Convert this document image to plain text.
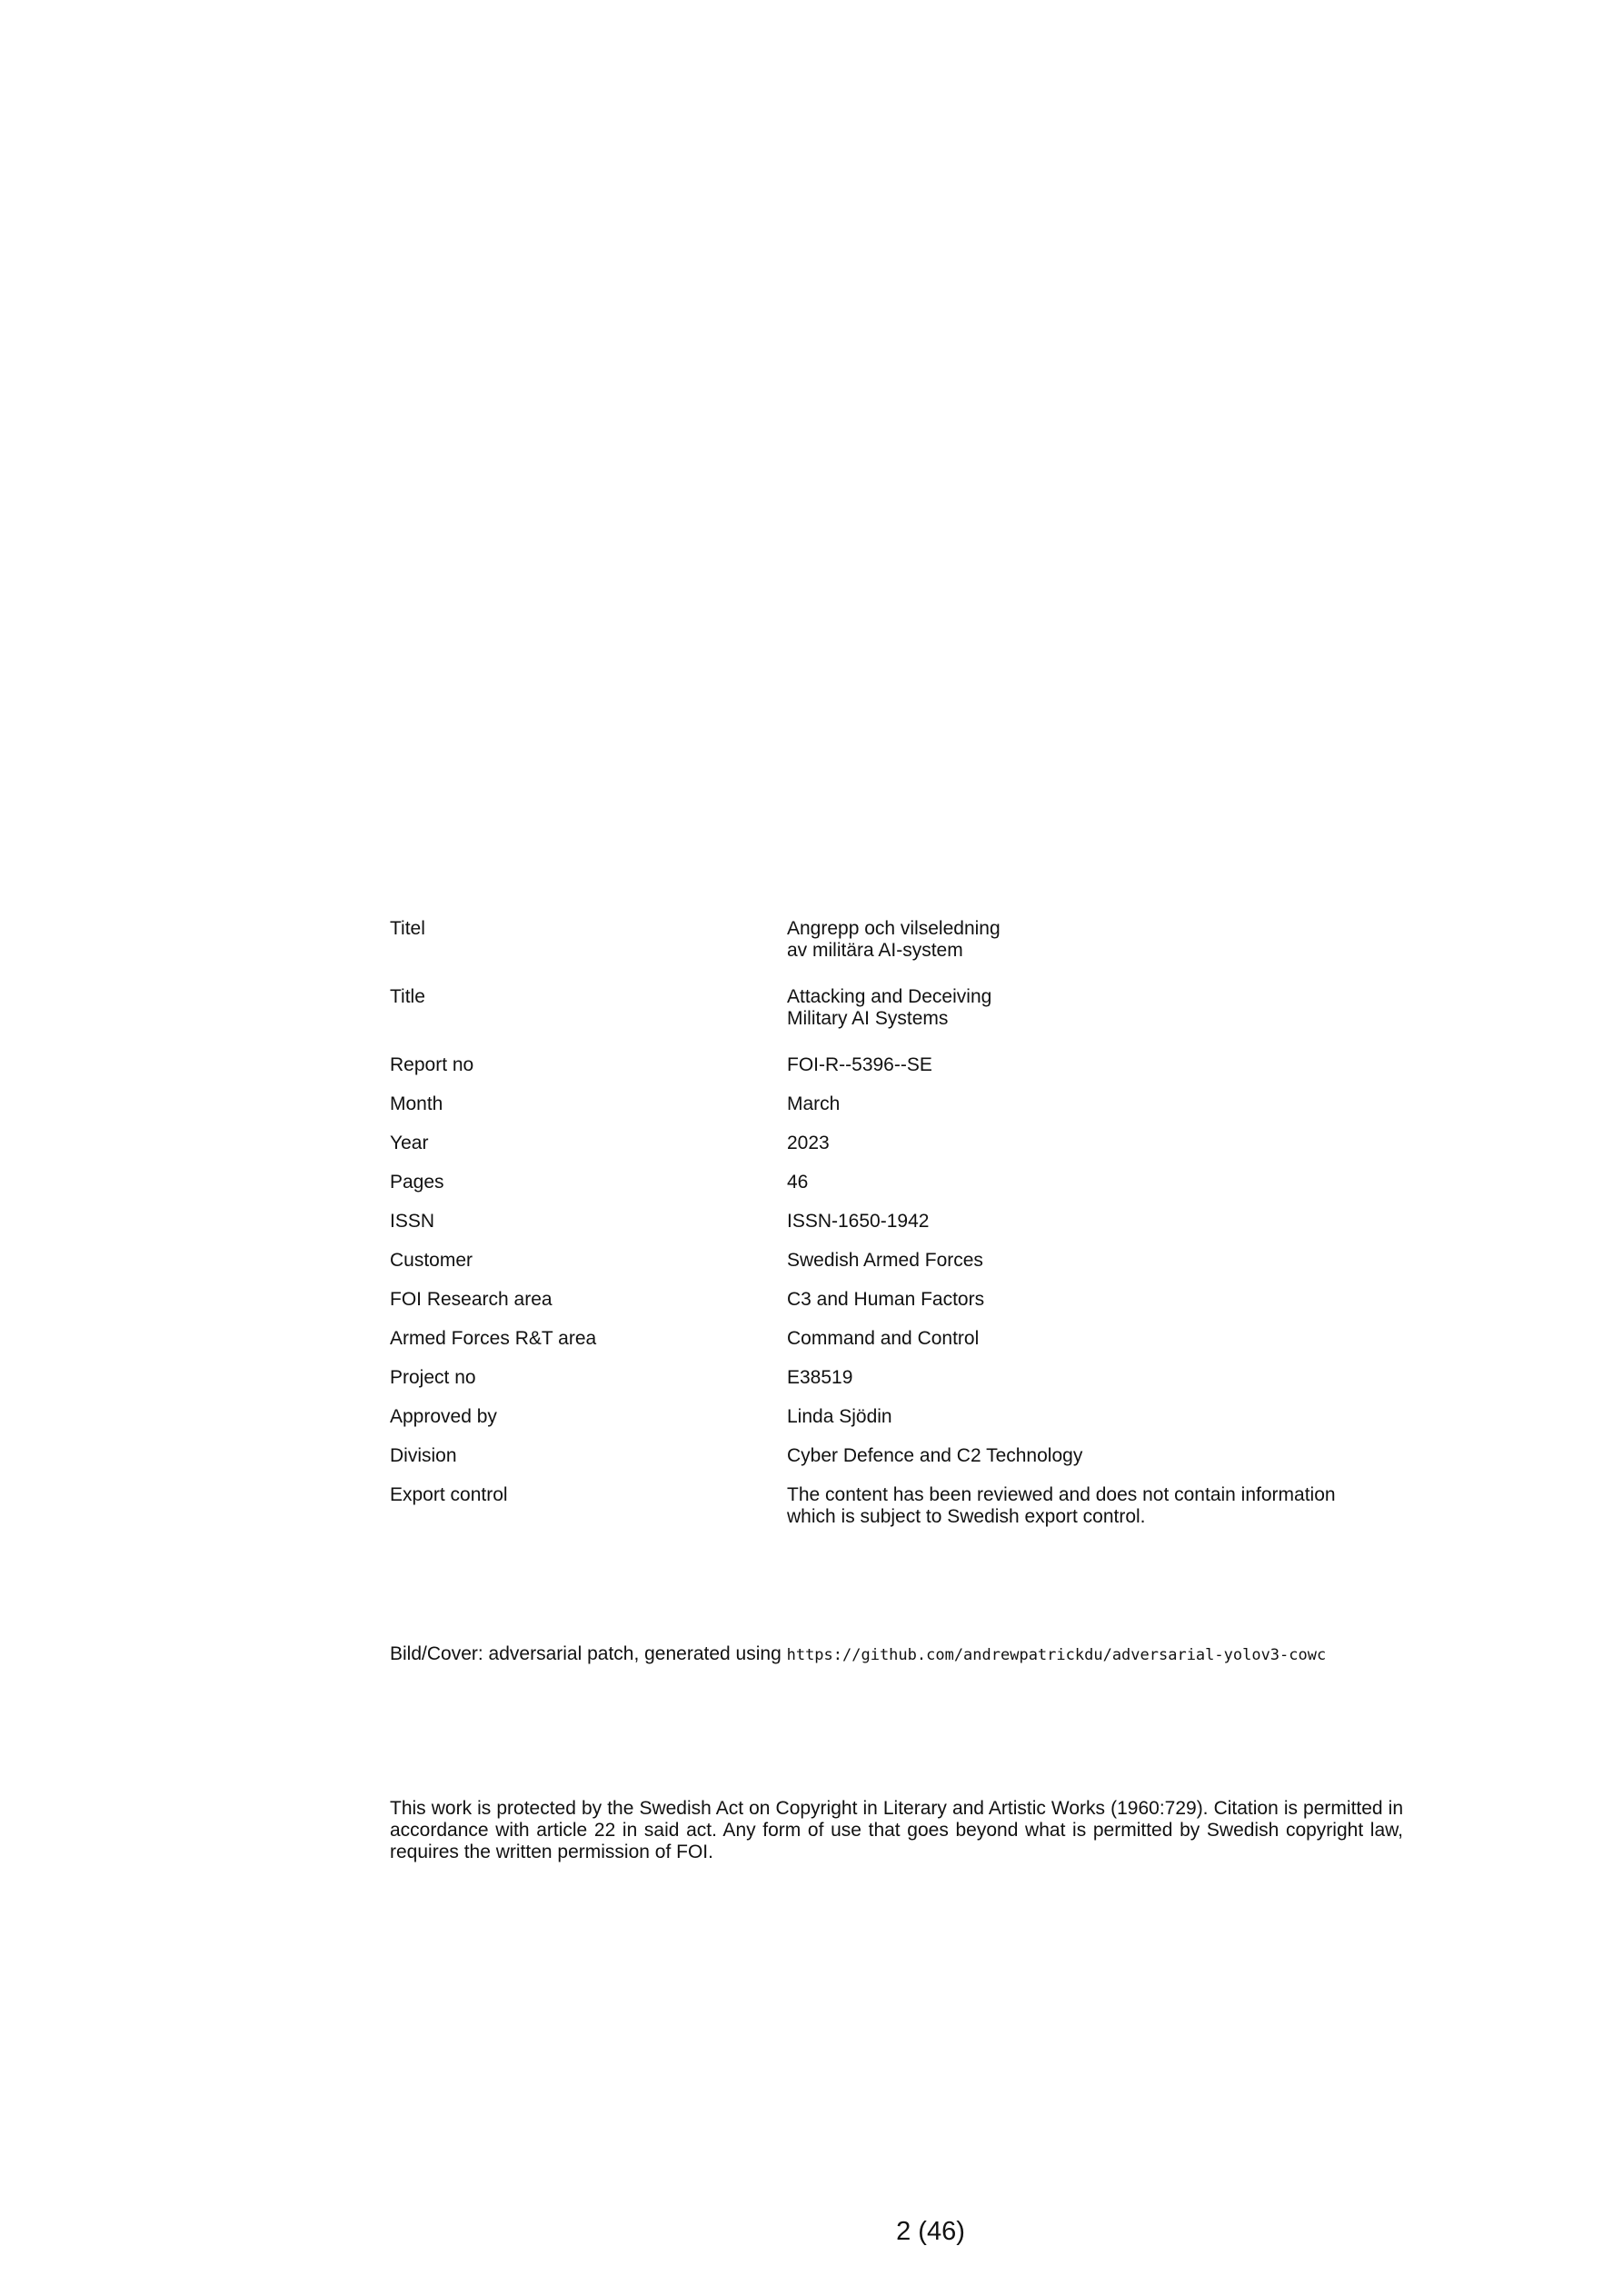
Titel	Angrepp och vilseledning
av militära AI-system
Title	Attacking and Deceiving
Military AI Systems
Report no	FOI-R--5396--SE
Month	March
Year	2023
Pages	46
ISSN	ISSN-1650-1942
Customer	Swedish Armed Forces
FOI Research area	C3 and Human Factors
Armed Forces R&T area	Command and Control
Project no	E38519
Approved by	Linda Sjödin
Division	Cyber Defence and C2 Technology
Export control	The content has been reviewed and does not contain information
which is subject to Swedish export control.
Bild/Cover: adversarial patch, generated using https://github.com/andrewpatrickdu/adversarial-yolov3-cowc
This work is protected by the Swedish Act on Copyright in Literary and Artistic Works (1960:729). Citation is permitted in accordance with article 22 in said act. Any form of use that goes beyond what is permitted by Swedish copyright law, requires the written permission of FOI.
2 (46)
